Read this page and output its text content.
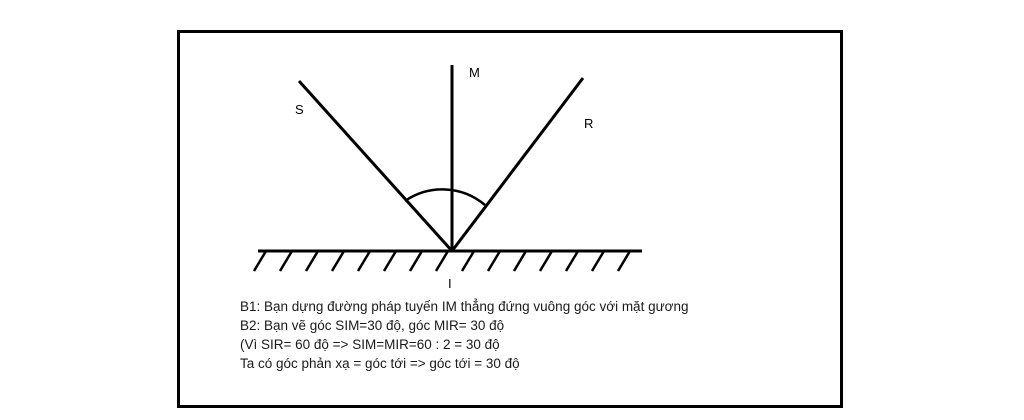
S
M
R
I

B1: Bạn dựng đường pháp tuyến IM thẳng đứng vuông góc với mặt gương

B2: Bạn vẽ góc SIM=30 độ, góc MIR= 30 độ

(Vì SIR= 60 độ => SIM=MIR=60 : 2 = 30 độ

Ta có góc phản xạ = góc tới => góc tới = 30 độ
